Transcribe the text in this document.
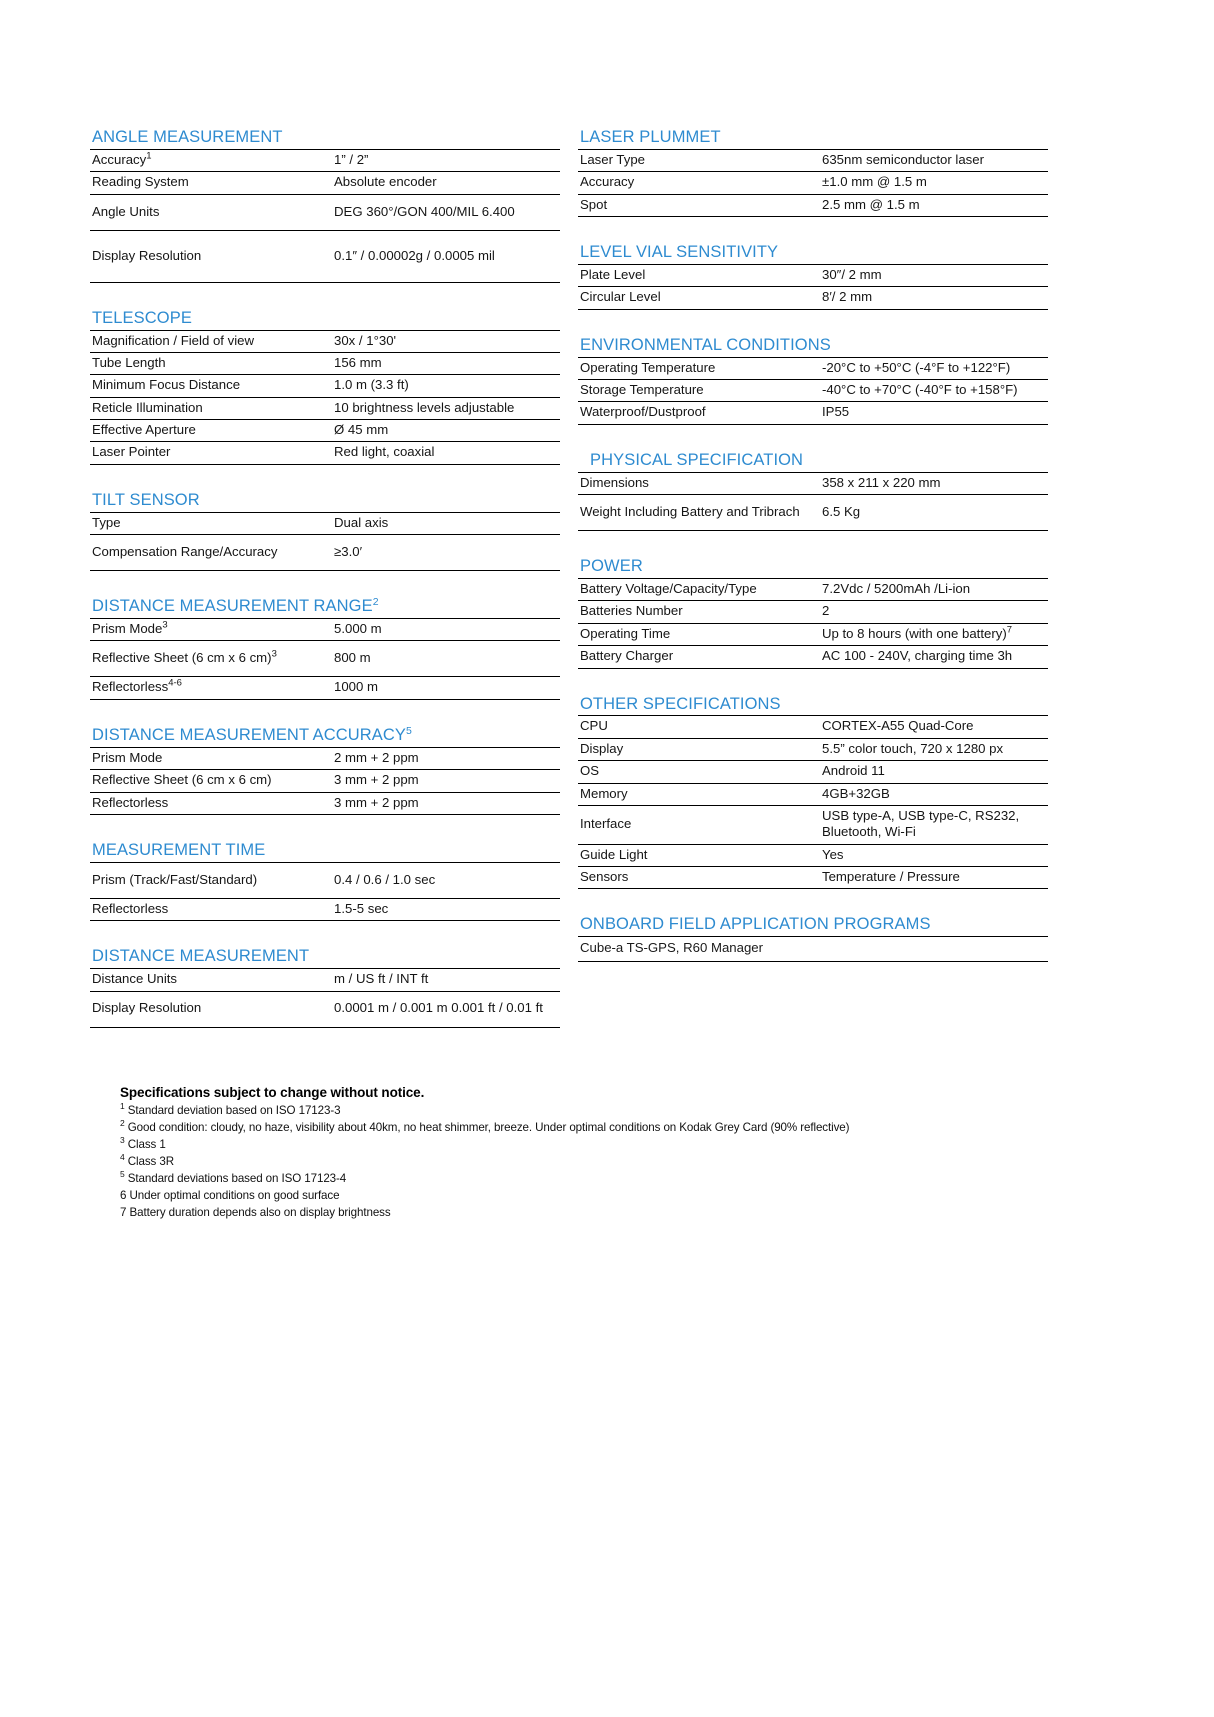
ANGLE MEASUREMENT
Accuracy$^1$	1” / 2”
Reading System	Absolute encoder
Angle Units	DEG 360°/GON 400/MIL 6.400
Display Resolution	0.1″ / 0.00002g / 0.0005 mil
TELESCOPE
Magnification / Field of view	30x / 1°30'
Tube Length	156 mm
Minimum Focus Distance	1.0 m (3.3 ft)
Reticle Illumination	10 brightness levels adjustable
Effective Aperture	Ø 45 mm
Laser Pointer	Red light, coaxial
TILT SENSOR
Type	Dual axis
Compensation Range/Accuracy	≥3.0′
DISTANCE MEASUREMENT RANGE$^2$
Prism Mode$^3$	5.000 m
Reflective Sheet (6 cm x 6 cm)$^3$	800 m
Reflectorless$^{4-6}$	1000 m
DISTANCE MEASUREMENT ACCURACY$^5$
Prism Mode	2 mm + 2 ppm
Reflective Sheet (6 cm x 6 cm)	3 mm + 2 ppm
Reflectorless	3 mm + 2 ppm
MEASUREMENT TIME
Prism (Track/Fast/Standard)	0.4 / 0.6 / 1.0 sec
Reflectorless	1.5-5 sec
DISTANCE MEASUREMENT
Distance Units	m / US ft / INT ft
Display Resolution	0.0001 m / 0.001 m 0.001 ft / 0.01 ft
LASER PLUMMET
Laser Type	635nm semiconductor laser
Accuracy	±1.0 mm @ 1.5 m
Spot	2.5 mm @ 1.5 m
LEVEL VIAL SENSITIVITY
Plate Level	30″/ 2 mm
Circular Level	8′/ 2 mm
ENVIRONMENTAL CONDITIONS
Operating Temperature	-20°C to +50°C (-4°F to +122°F)
Storage Temperature	-40°C to +70°C (-40°F to +158°F)
Waterproof/Dustproof	IP55
PHYSICAL SPECIFICATION
Dimensions	358 x 211 x 220 mm
Weight Including Battery and Tribrach	6.5 Kg
POWER
Battery Voltage/Capacity/Type	7.2Vdc / 5200mAh /Li-ion
Batteries Number	2
Operating Time	Up to 8 hours (with one battery)$^7$
Battery Charger	AC 100 - 240V, charging time 3h
OTHER SPECIFICATIONS
CPU	CORTEX-A55 Quad-Core
Display	5.5” color touch, 720 x 1280 px
OS	Android 11
Memory	4GB+32GB
Interface	USB type-A, USB type-C, RS232, Bluetooth, Wi-Fi
Guide Light	Yes
Sensors	Temperature / Pressure
ONBOARD FIELD APPLICATION PROGRAMS
Cube-a TS-GPS, R60 Manager
Specifications subject to change without notice.
$^1$ Standard deviation based on ISO 17123-3
$^2$ Good condition: cloudy, no haze, visibility about 40km, no heat shimmer, breeze. Under optimal conditions on Kodak Grey Card (90% reflective)
$^3$ Class 1
$^4$ Class 3R
$^5$ Standard deviations based on ISO 17123-4
6 Under optimal conditions on good surface
7 Battery duration depends also on display brightness
